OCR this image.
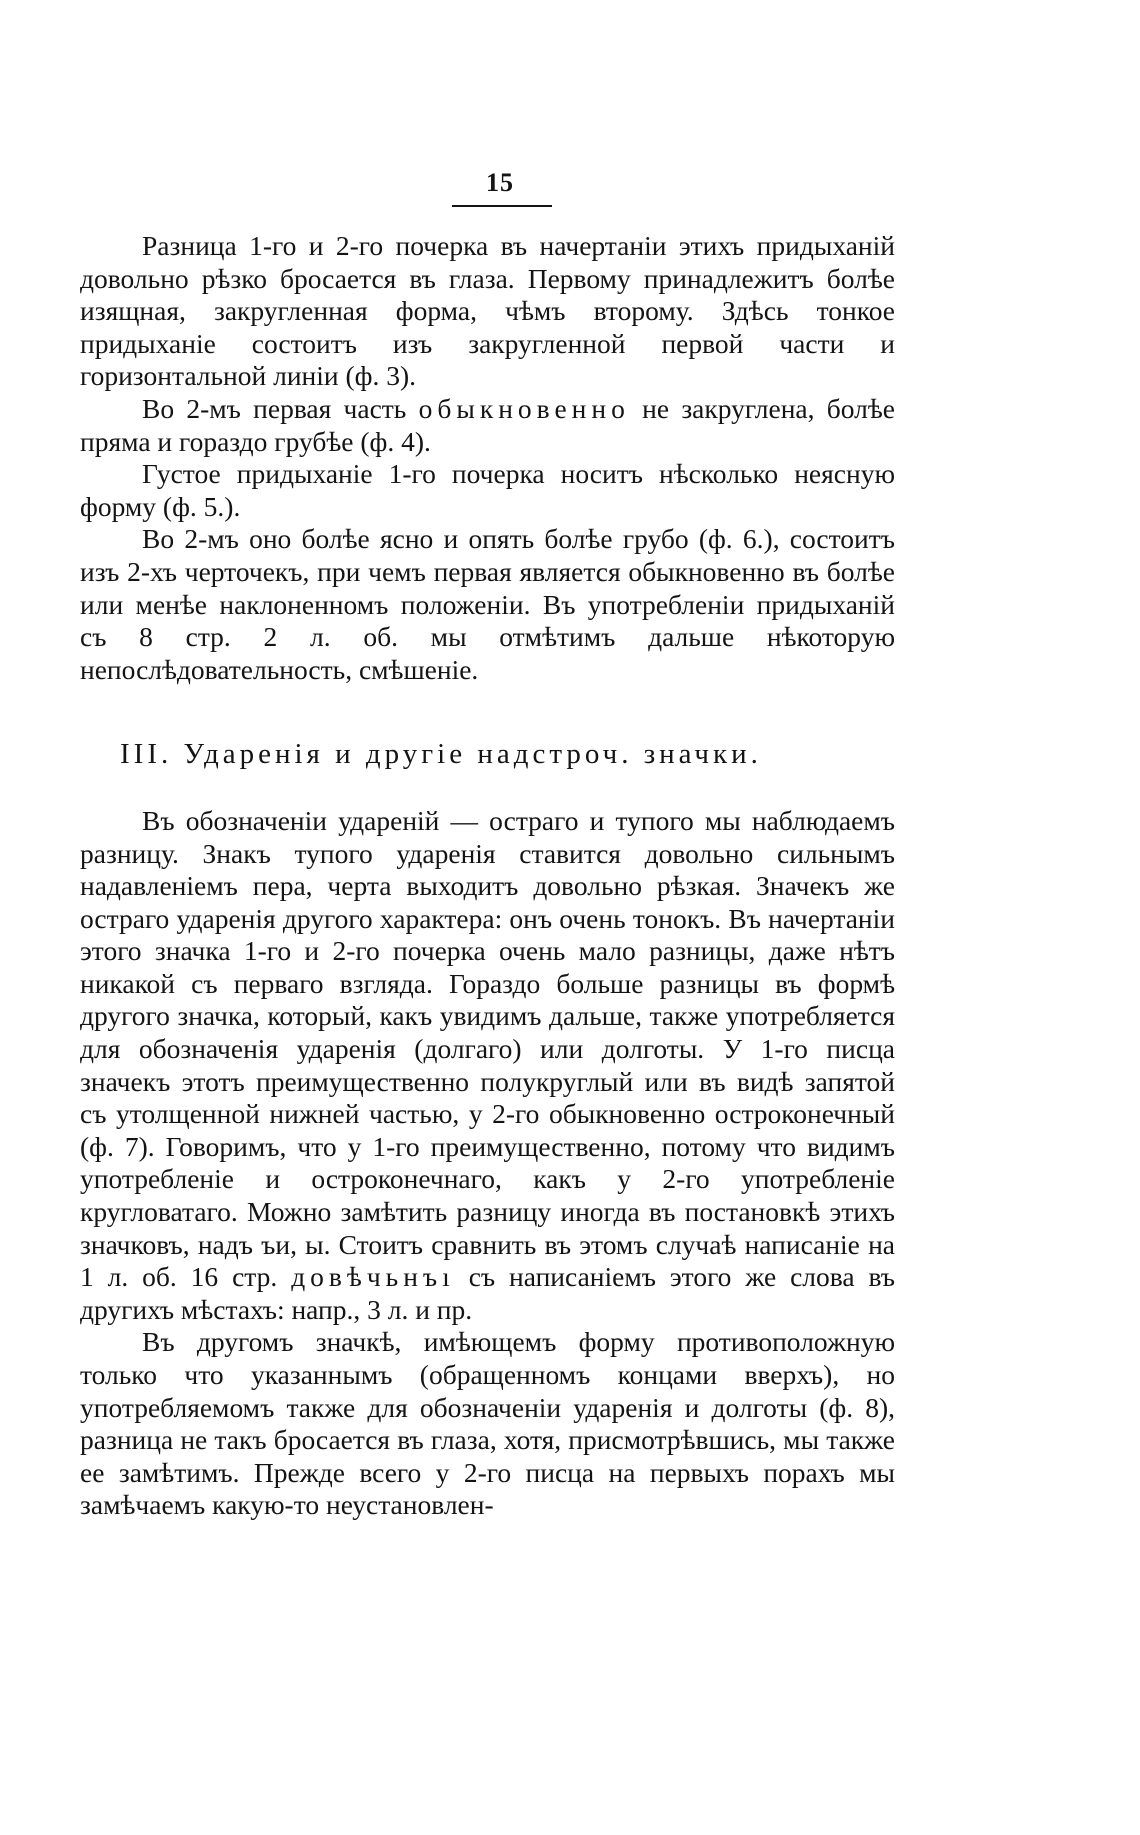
15

Разница 1-го и 2-го почерка въ начертаніи этихъ придыханій довольно рѣзко бросается въ глаза. Первому принадлежитъ болѣе изящная, закругленная форма, чѣмъ второму. Здѣсь тонкое придыханіе состоитъ изъ закругленной первой части и горизонтальной линіи (ф. 3).

Во 2-мъ первая часть обыкновенно не закруглена, болѣе пряма и гораздо грубѣе (ф. 4).

Густое придыханіе 1-го почерка носитъ нѣсколько неясную форму (ф. 5.).

Во 2-мъ оно болѣе ясно и опять болѣе грубо (ф. 6.), состоитъ изъ 2-хъ черточекъ, при чемъ первая является обыкновенно въ болѣе или менѣе наклоненномъ положеніи. Въ употребленіи придыханій съ 8 стр. 2 л. об. мы отмѣтимъ дальше нѣкоторую непослѣдовательность, смѣшеніе.

III. Ударенія и другіе надстроч. значки.

Въ обозначеніи удареній — остраго и тупого мы наблюдаемъ разницу. Знакъ тупого ударенія ставится довольно сильнымъ надавленіемъ пера, черта выходитъ довольно рѣзкая. Значекъ же остраго ударенія другого характера: онъ очень тонокъ. Въ начертаніи этого значка 1-го и 2-го почерка очень мало разницы, даже нѣтъ никакой съ перваго взгляда. Гораздо больше разницы въ формѣ другого значка, который, какъ увидимъ дальше, также употребляется для обозначенія ударенія (долгаго) или долготы. У 1-го писца значекъ этотъ преимущественно полукруглый или въ видѣ запятой съ утолщенной нижней частью, у 2-го обыкновенно остроконечный (ф. 7). Говоримъ, что у 1-го преимущественно, потому что видимъ употребленіе и остроконечнаго, какъ у 2-го употребленіе кругловатаго. Можно замѣтить разницу иногда въ постановкѣ этихъ значковъ, надъ ъи, ы. Стоитъ сравнить въ этомъ случаѣ написаніе на 1 л. об. 16 стр. довѣчьнъı съ написаніемъ этого же слова въ другихъ мѣстахъ: напр., 3 л. и пр.

Въ другомъ значкѣ, имѣющемъ форму противоположную только что указаннымъ (обращенномъ концами вверхъ), но употребляемомъ также для обозначеніи ударенія и долготы (ф. 8), разница не такъ бросается въ глаза, хотя, присмотрѣвшись, мы также ее замѣтимъ. Прежде всего у 2-го писца на первыхъ порахъ мы замѣчаемъ какую-то неустановлен-
